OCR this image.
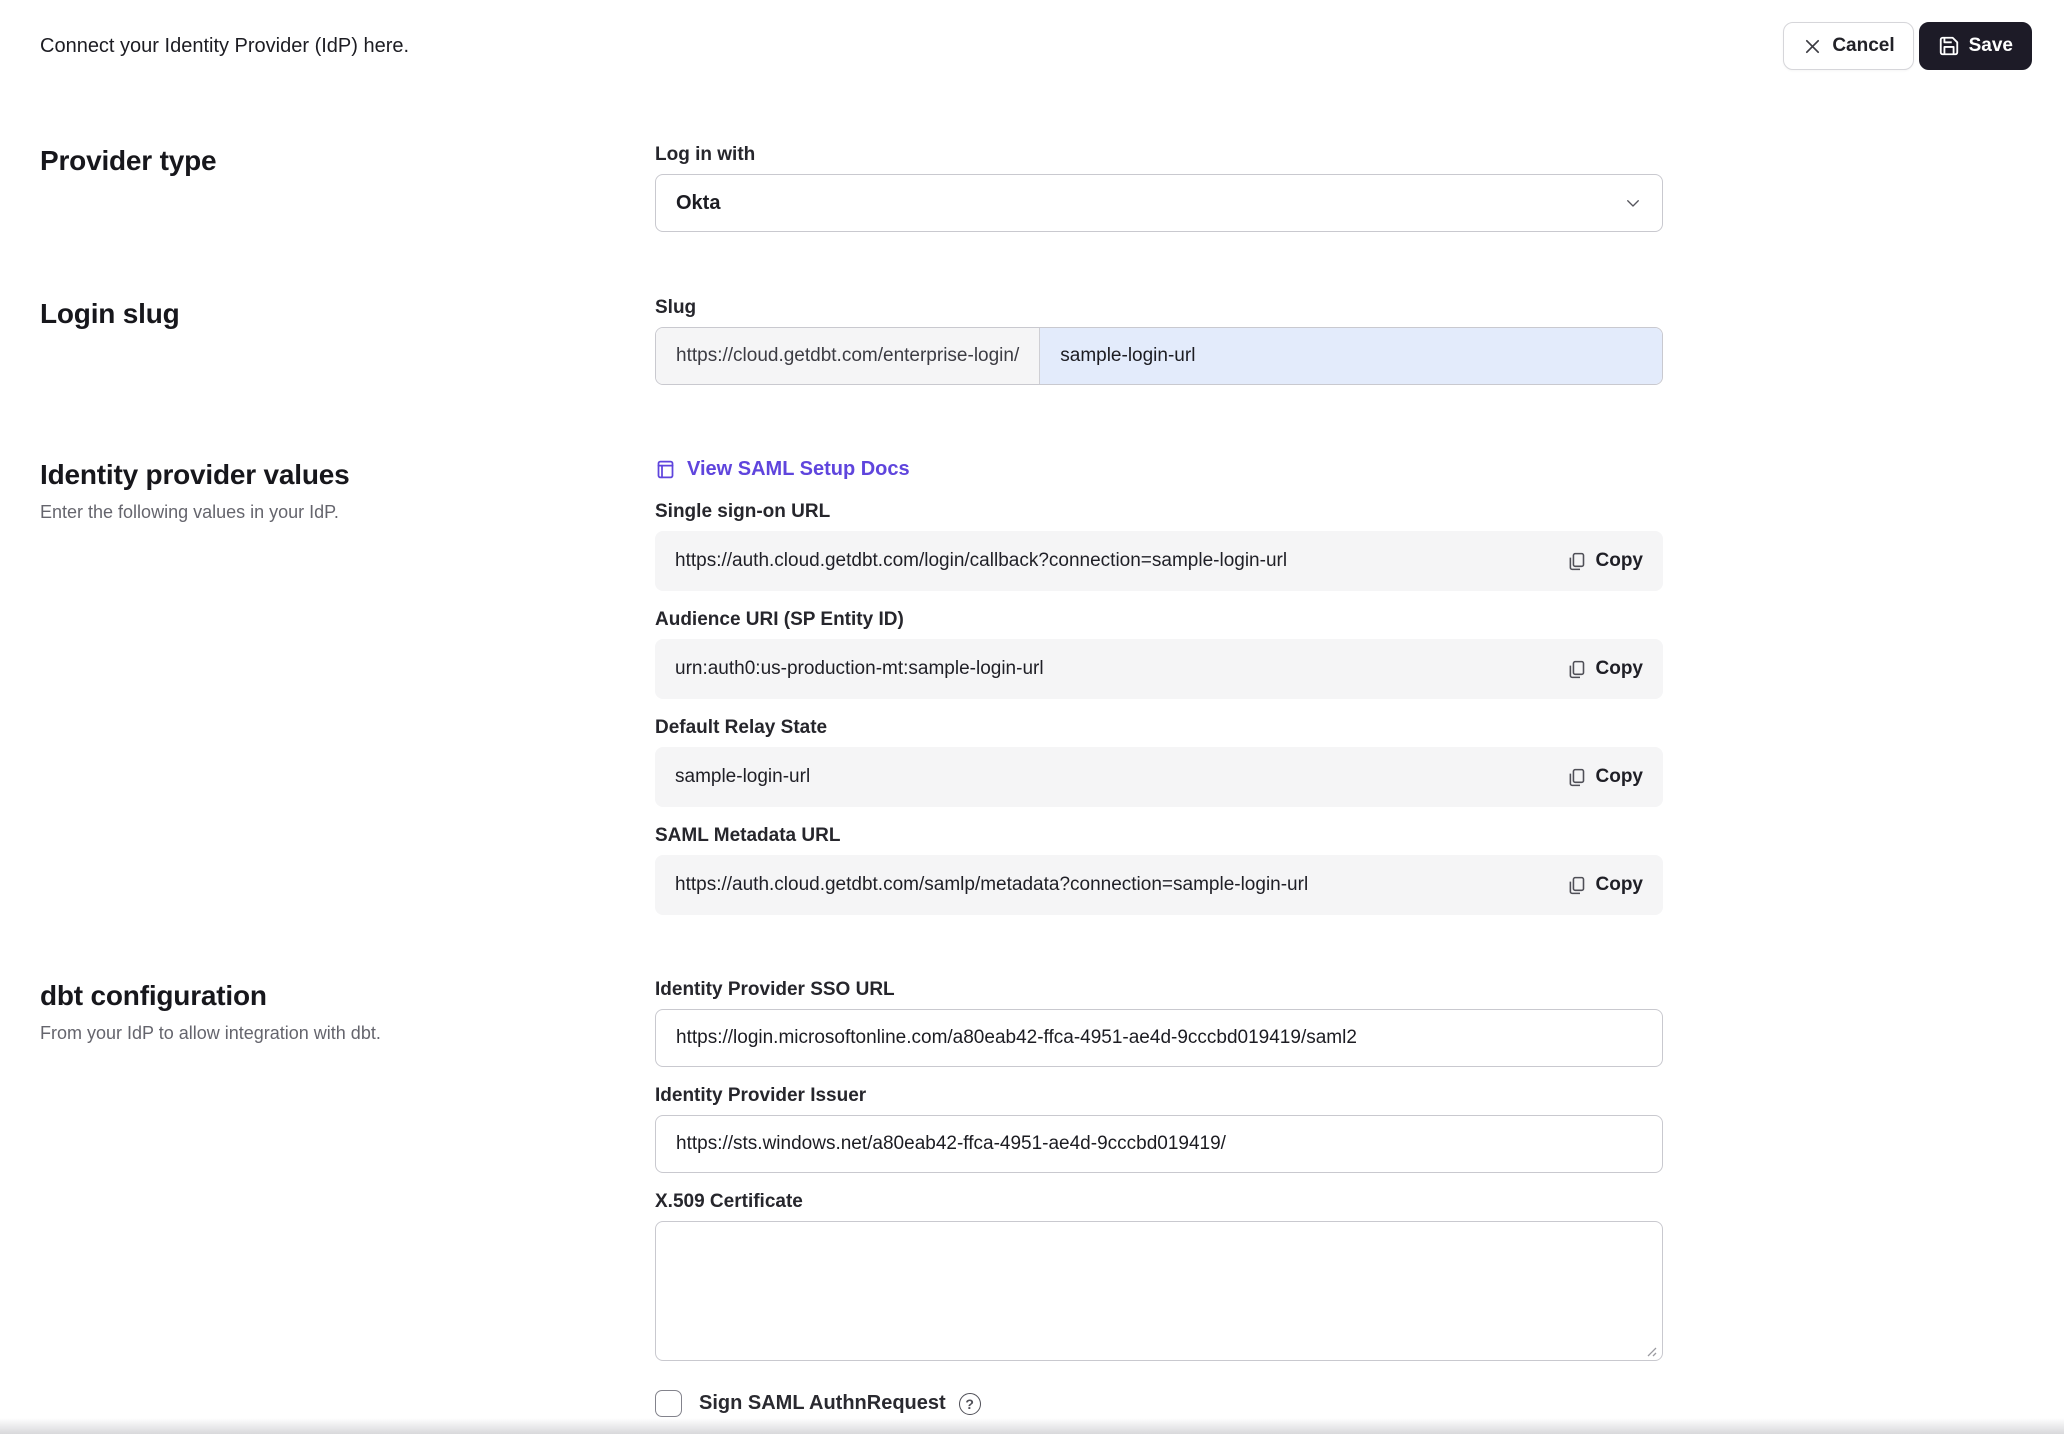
Connect your Identity Provider (IdP) here.	Cancel	Save
Provider type	Log in with
Okta
Login slug	Slug
https://cloud.getdbt.com/enterprise-login/
sample-login-url
Identity provider values
Enter the following values in your IdP.
View SAML Setup Docs
Single sign-on URL
https://auth.cloud.getdbt.com/login/callback?connection=sample-login-url	Copy
Audience URI (SP Entity ID)
urn:auth0:us-production-mt:sample-login-url	Copy
Default Relay State
sample-login-url	Copy
SAML Metadata URL
https://auth.cloud.getdbt.com/samlp/metadata?connection=sample-login-url	Copy
dbt configuration
From your IdP to allow integration with dbt.
Identity Provider SSO URL
https://login.microsoftonline.com/a80eab42-ffca-4951-ae4d-9cccbd019419/saml2
Identity Provider Issuer
https://sts.windows.net/a80eab42-ffca-4951-ae4d-9cccbd019419/
X.509 Certificate
Sign SAML AuthnRequest
?
